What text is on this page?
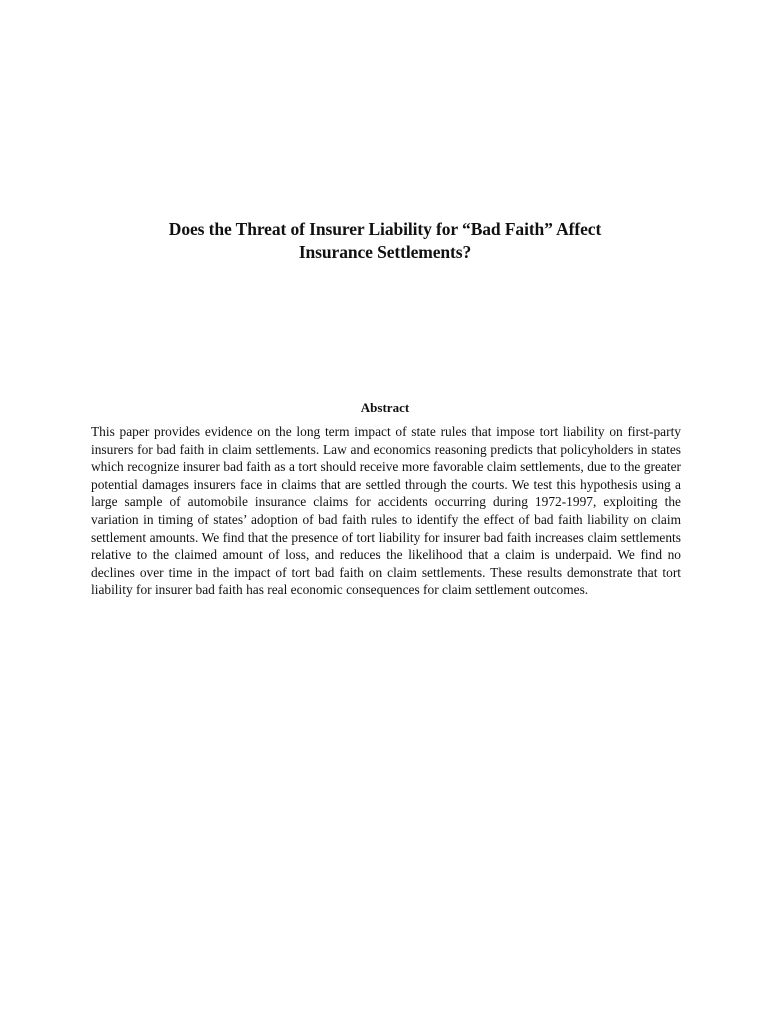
Does the Threat of Insurer Liability for “Bad Faith” Affect
Insurance Settlements?
Abstract

This paper provides evidence on the long term impact of state rules that impose tort liability on first-party insurers for bad faith in claim settlements. Law and economics reasoning predicts that policyholders in states which recognize insurer bad faith as a tort should receive more favorable claim settlements, due to the greater potential damages insurers face in claims that are settled through the courts. We test this hypothesis using a large sample of automobile insurance claims for accidents occurring during 1972-1997, exploiting the variation in timing of states’ adoption of bad faith rules to identify the effect of bad faith liability on claim settlement amounts. We find that the presence of tort liability for insurer bad faith increases claim settlements relative to the claimed amount of loss, and reduces the likelihood that a claim is underpaid. We find no declines over time in the impact of tort bad faith on claim settlements. These results demonstrate that tort liability for insurer bad faith has real economic consequences for claim settlement outcomes.
